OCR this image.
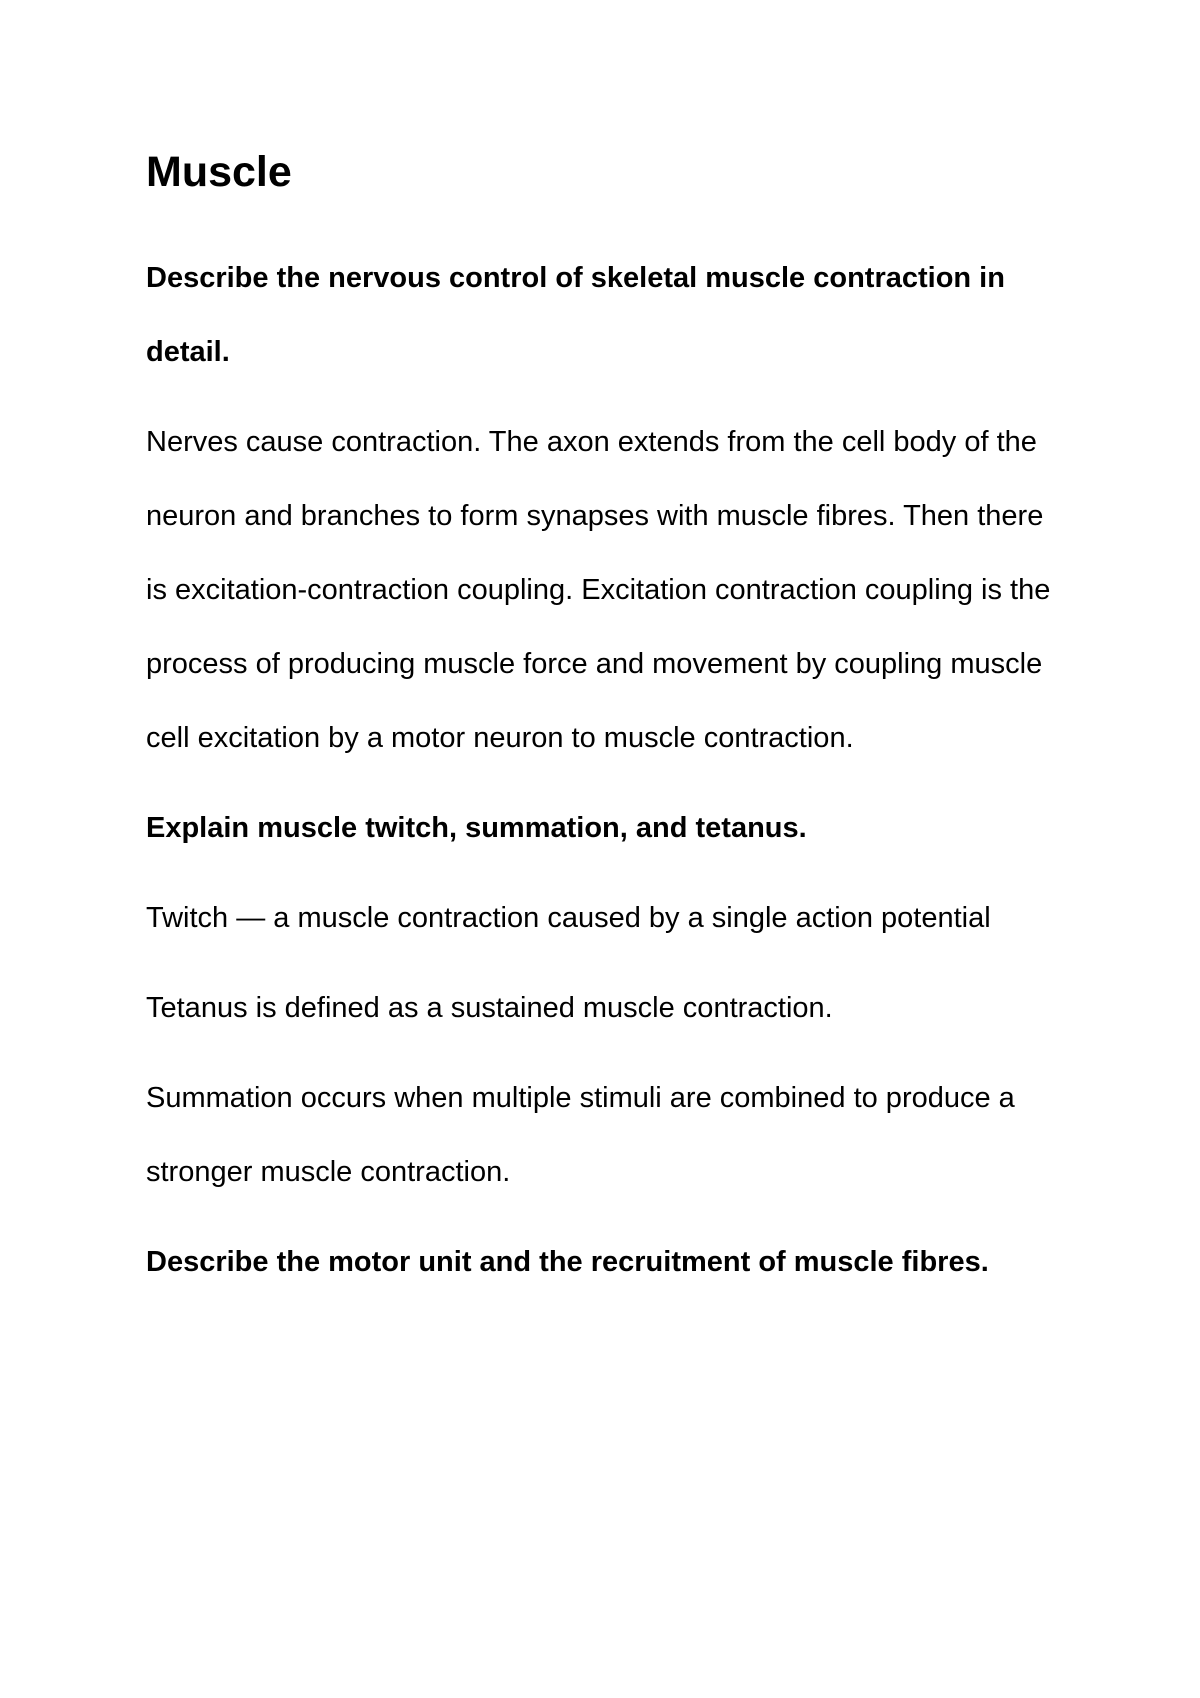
Muscle

Describe the nervous control of skeletal muscle contraction in detail.

Nerves cause contraction. The axon extends from the cell body of the neuron and branches to form synapses with muscle fibres. Then there is excitation-contraction coupling. Excitation contraction coupling is the process of producing muscle force and movement by coupling muscle cell excitation by a motor neuron to muscle contraction.

Explain muscle twitch, summation, and tetanus.

Twitch — a muscle contraction caused by a single action potential

Tetanus is defined as a sustained muscle contraction.

Summation occurs when multiple stimuli are combined to produce a stronger muscle contraction.

Describe the motor unit and the recruitment of muscle fibres.
